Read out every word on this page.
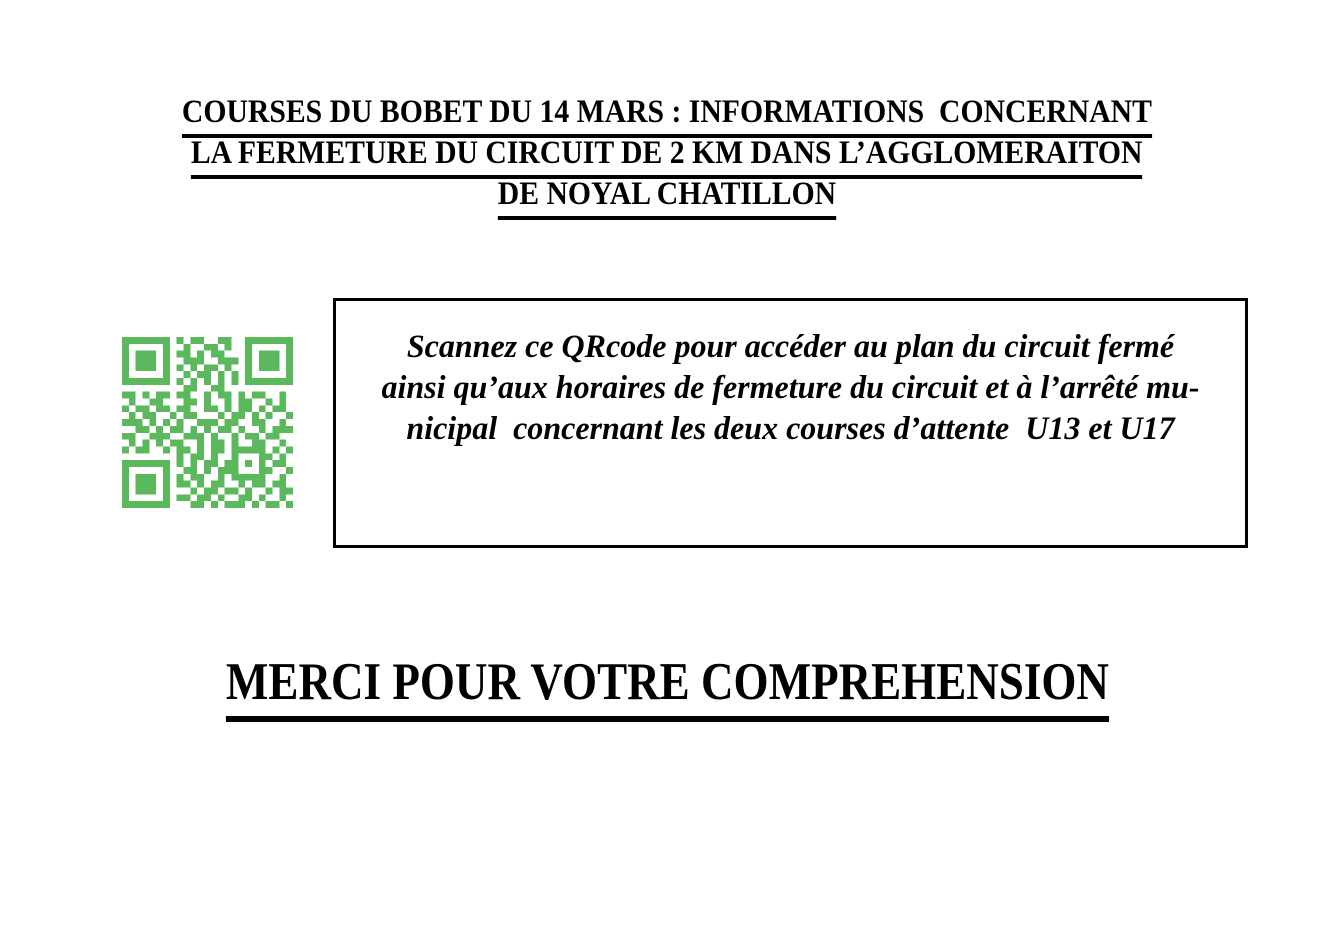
COURSES DU BOBET DU 14 MARS : INFORMATIONS  CONCERNANT
LA FERMETURE DU CIRCUIT DE 2 KM DANS L’AGGLOMERAITON
DE NOYAL CHATILLON
Scannez ce QRcode pour accéder au plan du circuit fermé
ainsi qu’aux horaires de fermeture du circuit et à l’arrêté mu-
nicipal  concernant les deux courses d’attente  U13 et U17
MERCI POUR VOTRE COMPREHENSION
